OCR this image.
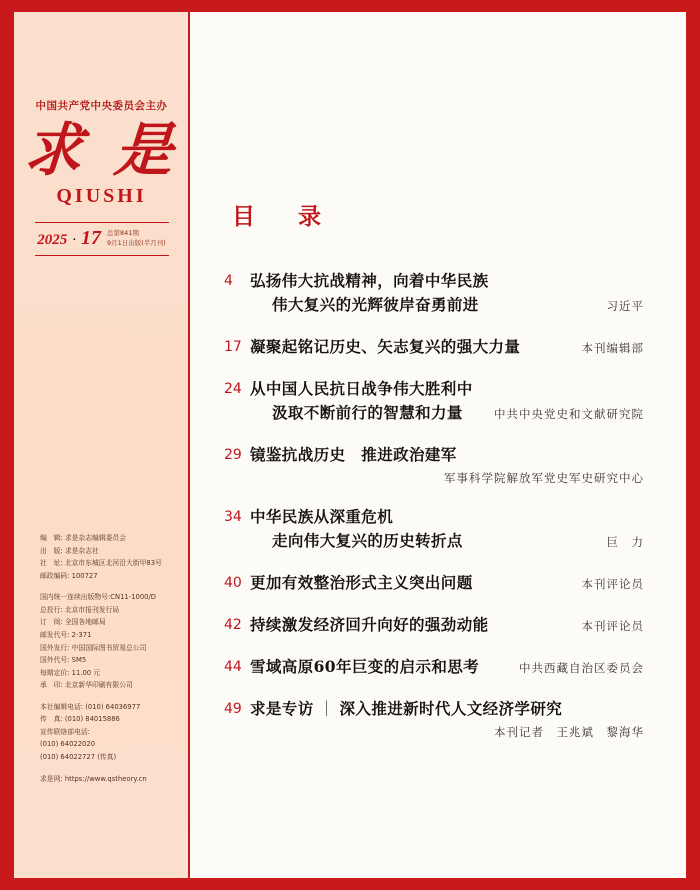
中国共产党中央委员会主办
求 是
QIUSHI
2025 · 17 总第841期
9月1日出版(半月刊)
编　辑: 求是杂志编辑委员会
出　版: 求是杂志社
社　址: 北京市东城区北河沿大街甲83号
邮政编码: 100727
国内统一连续出版物号:CN11-1000/D
总投行: 北京市报刊发行局
订　阅: 全国各地邮局
邮发代号: 2-371
国外发行: 中国国际图书贸易总公司
国外代号: SM5
每期定价: 11.00 元
承　印: 北京新华印刷有限公司
本社编辑电话: (010) 64036977
传　真: (010) 84015886
宣传联络部电话:
(010) 64022020
(010) 64022727 (传真)
求是网: https://www.qstheory.cn
目　录
4	弘扬伟大抗战精神，向着中华民族
伟大复兴的光辉彼岸奋勇前进	习近平
17 凝聚起铭记历史、矢志复兴的强大力量	本刊编辑部
24 从中国人民抗日战争伟大胜利中
汲取不断前行的智慧和力量	中共中央党史和文献研究院
29 镜鉴抗战历史　推进政治建军
军事科学院解放军党史军史研究中心
34 中华民族从深重危机
走向伟大复兴的历史转折点	巨　力
40 更加有效整治形式主义突出问题	本刊评论员
42 持续激发经济回升向好的强劲动能	本刊评论员
44 雪域高原60年巨变的启示和思考	中共西藏自治区委员会
49 求是专访 ｜ 深入推进新时代人文经济学研究
本刊记者　王兆斌　黎海华
